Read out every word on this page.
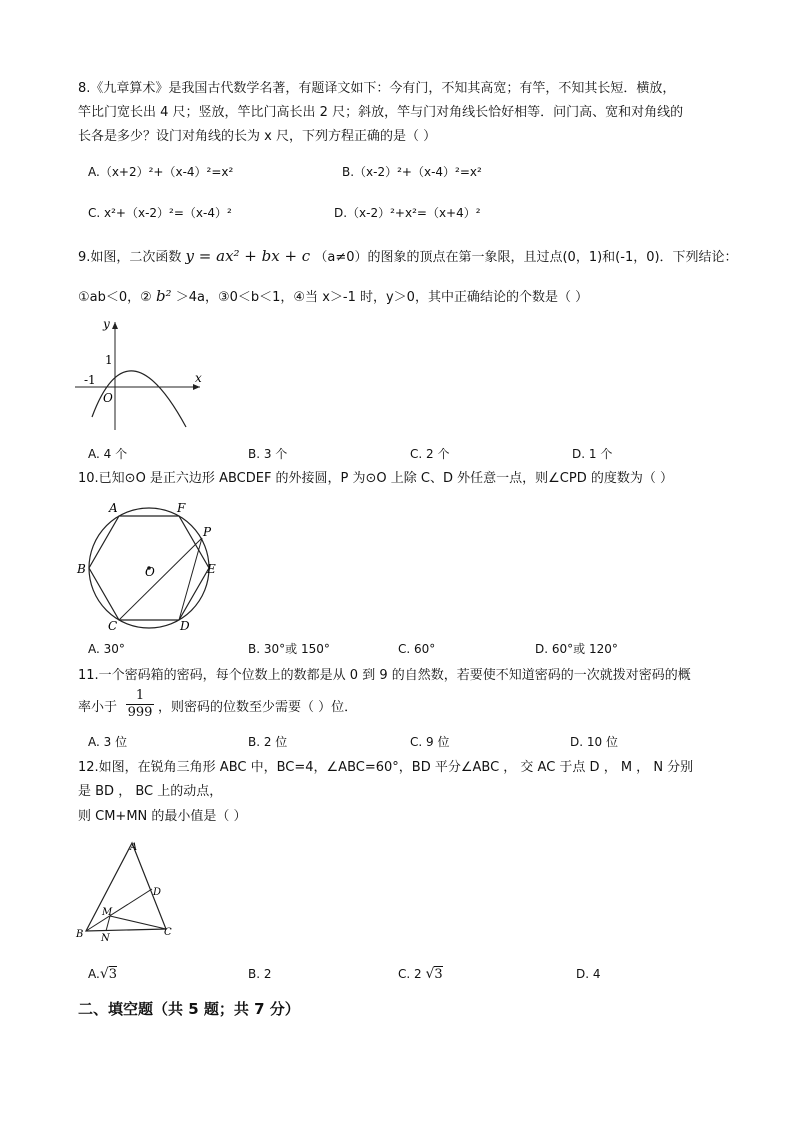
8.《九章算术》是我国古代数学名著，有题译文如下：今有门，不知其高宽；有竿，不知其长短．横放，
竿比门宽长出 4 尺；竖放，竿比门高长出 2 尺；斜放，竿与门对角线长恰好相等．问门高、宽和对角线的
长各是多少？设门对角线的长为 x 尺，下列方程正确的是（ ）
A.（x+2）²+（x-4）²=x²	B.（x-2）²+（x-4）²=x²
C. x²+（x-2）²=（x-4）²	D.（x-2）²+x²=（x+4）²
9.如图，二次函数 y = ax² + bx + c （a≠0）的图象的顶点在第一象限，且过点(0，1)和(-1，0)．下列结论：
①ab＜0，② b² ＞4a，③0＜b＜1，④当 x＞-1 时，y＞0，其中正确结论的个数是（ ）
y
x
1
-1
O
A. 4 个	B. 3 个	C. 2 个	D. 1 个
10.已知⊙O 是正六边形 ABCDEF 的外接圆，P 为⊙O 上除 C、D 外任意一点，则∠CPD 的度数为（ ）
A	F
P
B	O	E
C	D
A. 30°	B. 30°或 150°	C. 60°	D. 60°或 120°
11.一个密码箱的密码，每个位数上的数都是从 0 到 9 的自然数，若要使不知道密码的一次就拨对密码的概
率小于 $\frac{1}{999}$ ，则密码的位数至少需要（ ）位．
A. 3 位	B. 2 位	C. 9 位	D. 10 位
12.如图，在锐角三角形 ABC 中，BC=4，∠ABC=60°，BD 平分∠ABC ， 交 AC 于点 D ， M ， N 分别
是 BD ， BC 上的动点，
则 CM+MN 的最小值是（ ）
A
D
M
B N
C
A.√3	B. 2	C. 2 √3	D. 4
二、填空题（共 5 题；共 7 分）
